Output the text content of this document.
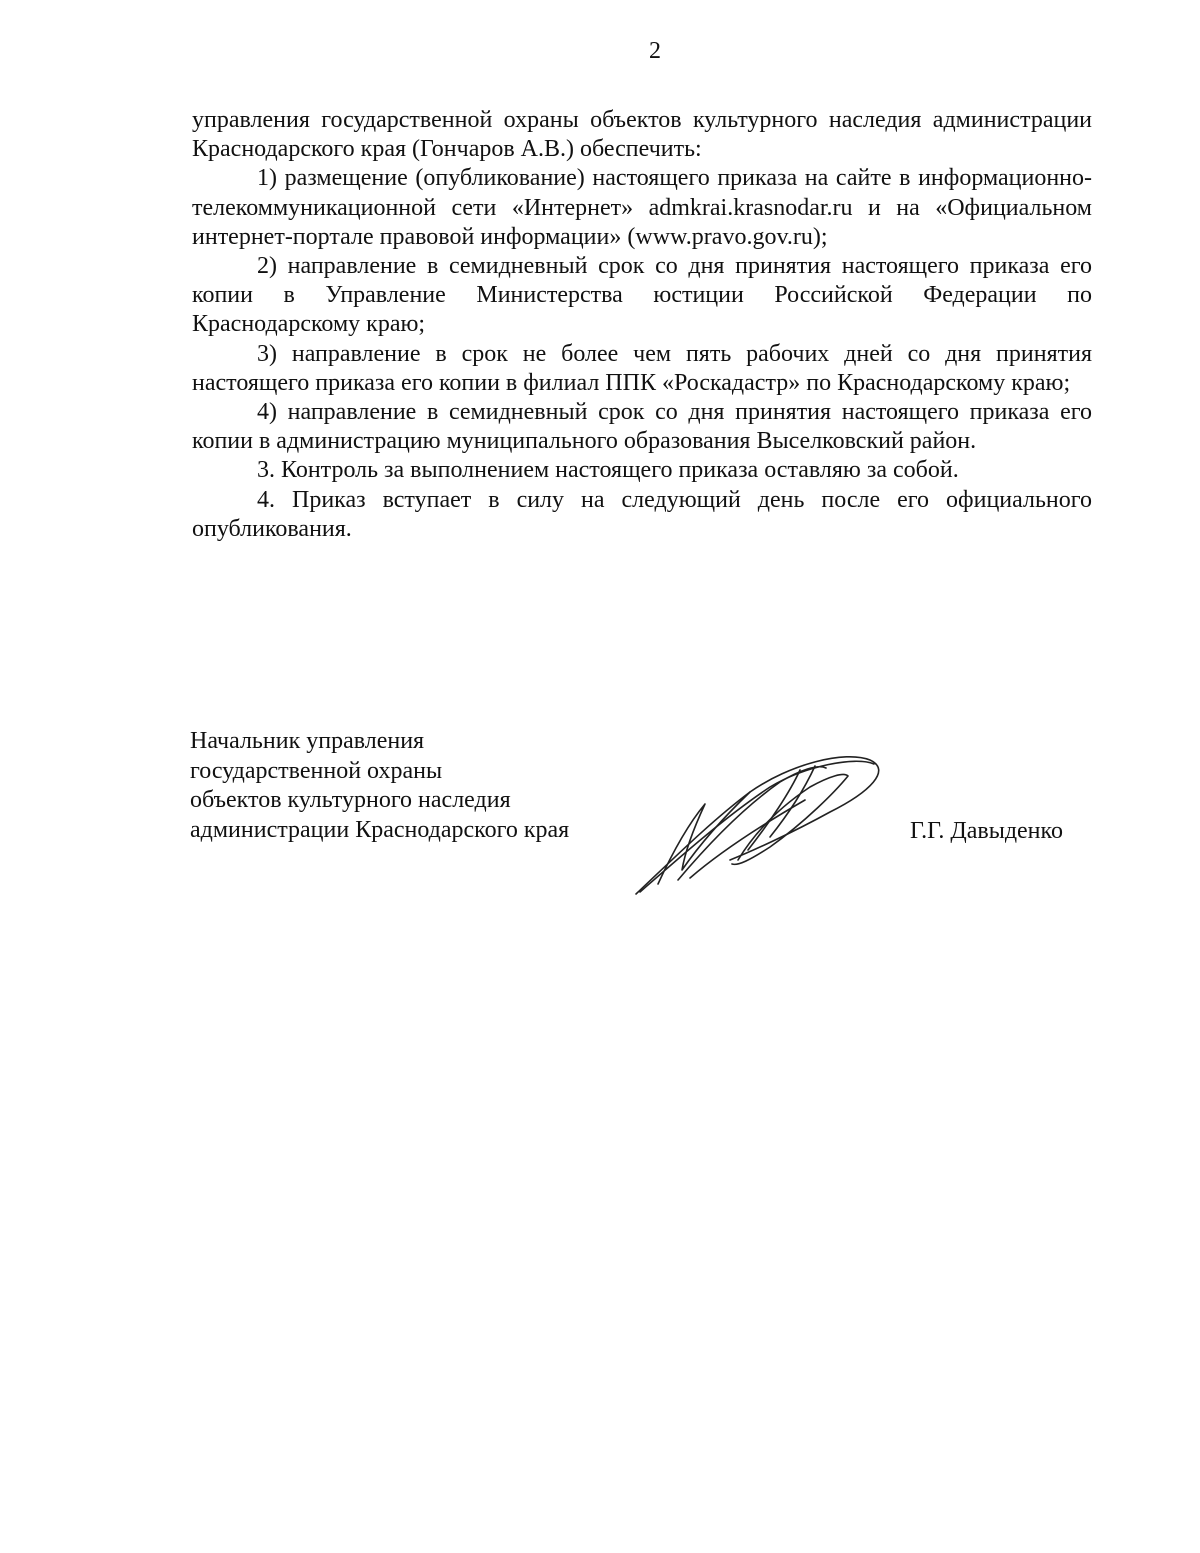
2

управления государственной охраны объектов культурного наследия администрации Краснодарского края (Гончаров А.В.) обеспечить:

1) размещение (опубликование) настоящего приказа на сайте в информационно-телекоммуникационной сети «Интернет» admkrai.krasnodar.ru и на «Официальном интернет-портале правовой информации» (www.pravo.gov.ru);

2) направление в семидневный срок со дня принятия настоящего приказа его копии в Управление Министерства юстиции Российской Федерации по Краснодарскому краю;

3) направление в срок не более чем пять рабочих дней со дня принятия настоящего приказа его копии в филиал ППК «Роскадастр» по Краснодарскому краю;

4) направление в семидневный срок со дня принятия настоящего приказа его копии в администрацию муниципального образования Выселковский район.

3. Контроль за выполнением настоящего приказа оставляю за собой.

4. Приказ вступает в силу на следующий день после его официального опубликования.

Начальник управления
государственной охраны
объектов культурного наследия
администрации Краснодарского края	Г.Г. Давыденко
